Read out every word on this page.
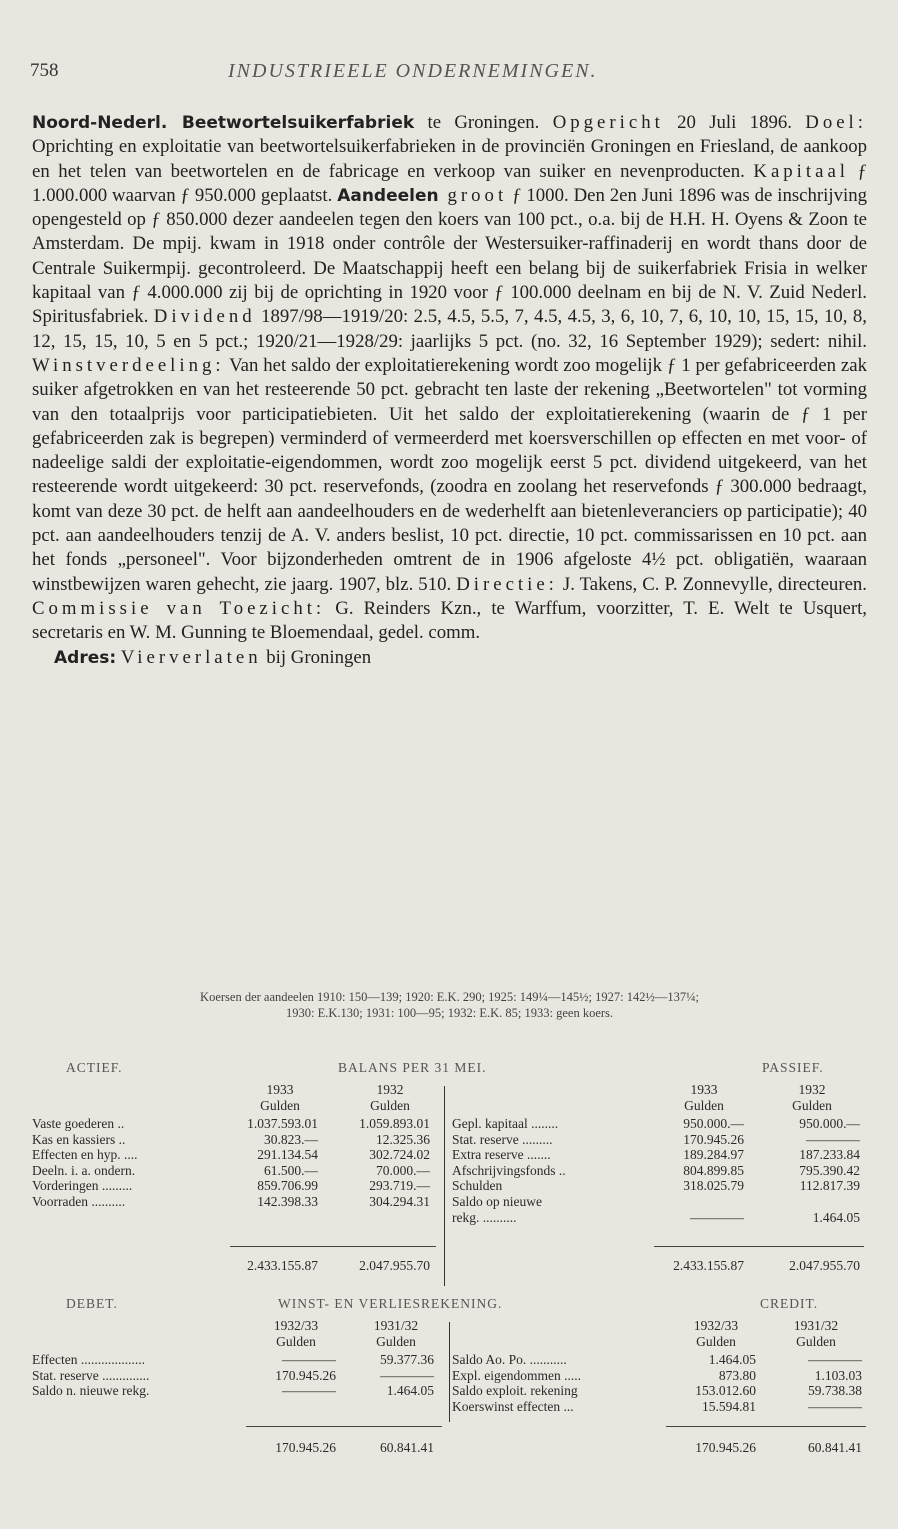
758	INDUSTRIEELE ONDERNEMINGEN.
Noord-Nederl. Beetwortelsuikerfabriek te Groningen. Opgericht 20 Juli 1896. Doel: Oprichting en exploitatie van beetwortelsuikerfabrieken in de provinciën Groningen en Friesland, de aankoop en het telen van beetwortelen en de fabricage en verkoop van suiker en nevenproducten. Kapitaal ƒ 1.000.000 waarvan ƒ 950.000 geplaatst. Aandeelen groot ƒ 1000. Den 2en Juni 1896 was de inschrijving opengesteld op ƒ 850.000 dezer aandeelen tegen den koers van 100 pct., o.a. bij de H.H. H. Oyens & Zoon te Amsterdam. De mpij. kwam in 1918 onder contrôle der Westersuiker-raffinaderij en wordt thans door de Centrale Suikermpij. gecontroleerd. De Maatschappij heeft een belang bij de suikerfabriek Frisia in welker kapitaal van ƒ 4.000.000 zij bij de oprichting in 1920 voor ƒ 100.000 deelnam en bij de N. V. Zuid Nederl. Spiritusfabriek. Dividend 1897/98—1919/20: 2.5, 4.5, 5.5, 7, 4.5, 4.5, 3, 6, 10, 7, 6, 10, 10, 15, 15, 10, 8, 12, 15, 15, 10, 5 en 5 pct.; 1920/21—1928/29: jaarlijks 5 pct. (no. 32, 16 September 1929); sedert: nihil. Winstverdeeling: Van het saldo der exploitatierekening wordt zoo mogelijk ƒ 1 per gefabriceerden zak suiker afgetrokken en van het resteerende 50 pct. gebracht ten laste der rekening „Beetwortelen" tot vorming van den totaalprijs voor participatiebieten. Uit het saldo der exploitatierekening (waarin de ƒ 1 per gefabriceerden zak is begrepen) verminderd of vermeerderd met koersverschillen op effecten en met voor- of nadeelige saldi der exploitatie-eigendommen, wordt zoo mogelijk eerst 5 pct. dividend uitgekeerd, van het resteerende wordt uitgekeerd: 30 pct. reservefonds, (zoodra en zoolang het reservefonds ƒ 300.000 bedraagt, komt van deze 30 pct. de helft aan aandeelhouders en de wederhelft aan bietenleveranciers op participatie); 40 pct. aan aandeelhouders tenzij de A. V. anders beslist, 10 pct. directie, 10 pct. commissarissen en 10 pct. aan het fonds „personeel". Voor bijzonderheden omtrent de in 1906 afgeloste 4½ pct. obligatiën, waaraan winstbewijzen waren gehecht, zie jaarg. 1907, blz. 510. Directie: J. Takens, C. P. Zonnevylle, directeuren. Commissie van Toezicht: G. Reinders Kzn., te Warffum, voorzitter, T. E. Welt te Usquert, secretaris en W. M. Gunning te Bloemendaal, gedel. comm.
Adres: Vierverlaten bij Groningen
Koersen der aandeelen 1910: 150—139; 1920: E.K. 290; 1925: 149¼—145½; 1927: 142½—137¼;
1930: E.K.130; 1931: 100—95; 1932: E.K. 85; 1933: geen koers.
ACTIEF.	BALANS PER 31 MEI.	PASSIEF.
1933	1932
Gulden	Gulden
1933	1932
Gulden	Gulden
Vaste goederen ..	1.037.593.01	1.059.893.01
Kas en kassiers ..	30.823.—	12.325.36
Effecten en hyp. ....	291.134.54	302.724.02
Deeln. i. a. ondern.	61.500.—	70.000.—
Vorderingen .........	859.706.99	293.719.—
Voorraden ..........	142.398.33	304.294.31
Gepl. kapitaal ........	950.000.—	950.000.—
Stat. reserve .........	170.945.26	————
Extra reserve .......	189.284.97	187.233.84
Afschrijvingsfonds ..	804.899.85	795.390.42
Schulden	318.025.79	112.817.39
Saldo op nieuwe
rekg. ..........	————	1.464.05
2.433.155.87	2.047.955.70	2.433.155.87	2.047.955.70
DEBET.	WINST- EN VERLIESREKENING.	CREDIT.
1932/33	1931/32
Gulden	Gulden
1932/33	1931/32
Gulden	Gulden
Effecten ...................	————	59.377.36
Stat. reserve ..............	170.945.26	————
Saldo n. nieuwe rekg.	————	1.464.05
Saldo Ao. Po. ...........	1.464.05	————
Expl. eigendommen .....	873.80	1.103.03
Saldo exploit. rekening	153.012.60	59.738.38
Koerswinst effecten ...	15.594.81	————
170.945.26	60.841.41	170.945.26	60.841.41
